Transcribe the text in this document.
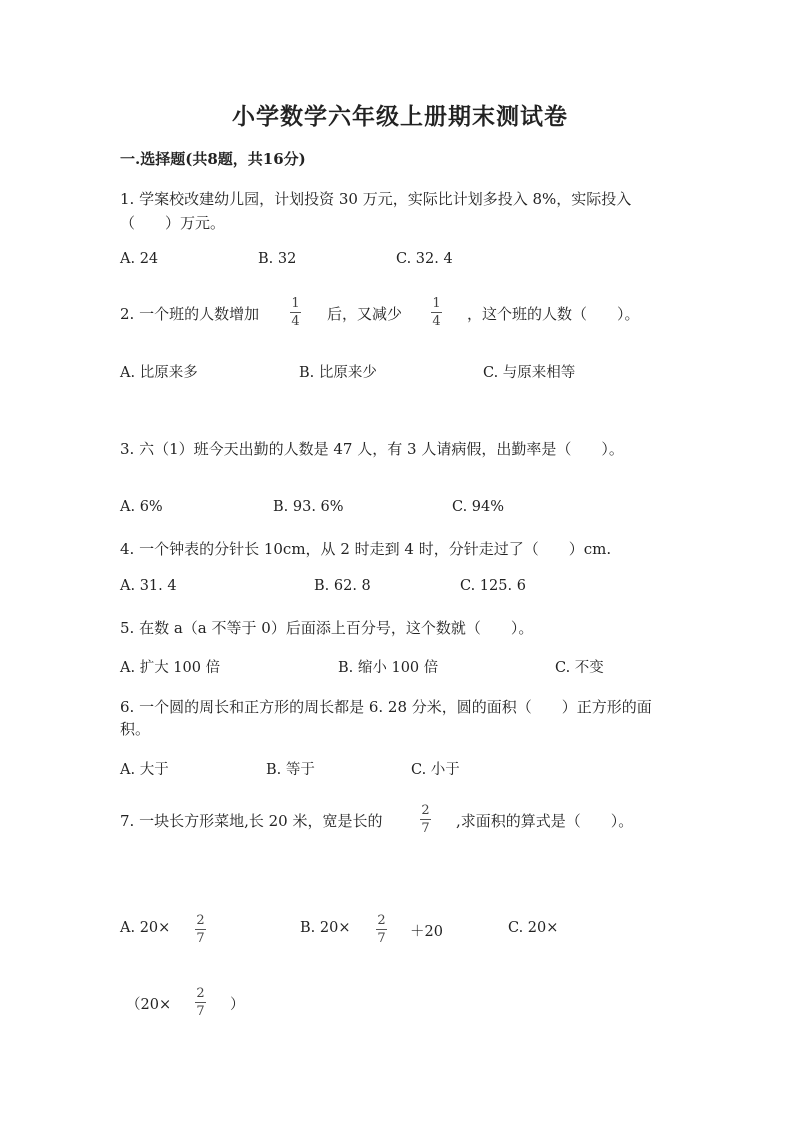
小学数学六年级上册期末测试卷
一.选择题(共8题，共16分)
1. 学案校改建幼儿园，计划投资 30 万元，实际比计划多投入 8%，实际投入
（　　）万元。
A. 24	B. 32	C. 32. 4
2. 一个班的人数增加
1
4 后，又减少
1
4 ，这个班的人数（　　）。
A. 比原来多	B. 比原来少	C. 与原来相等
3. 六（1）班今天出勤的人数是 47 人，有 3 人请病假，出勤率是（　　）。
A. 6%	B. 93. 6%	C. 94%
4. 一个钟表的分针长 10cm，从 2 时走到 4 时，分针走过了（　　）cm.
A. 31. 4	B. 62. 8	C. 125. 6
5. 在数 a（a 不等于 0）后面添上百分号，这个数就（　　）。
A. 扩大 100 倍	B. 缩小 100 倍	C. 不变
6. 一个圆的周长和正方形的周长都是 6. 28 分米，圆的面积（　　）正方形的面
积。
A. 大于	B. 等于	C. 小于
7. 一块长方形菜地,长 20 米，宽是长的
2
7 ,求面积的算式是（　　）。
A. 20× 2
7
B. 20× 2
7 ＋20	C. 20×
（20×
2
7 ）
